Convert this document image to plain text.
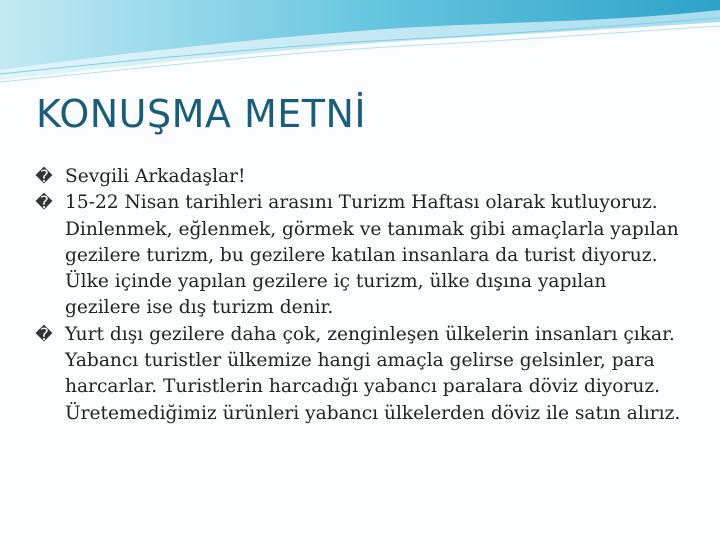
KONUŞMA METNİ
�
Sevgili Arkadaşlar!
�
15-22 Nisan tarihleri arasını Turizm Haftası olarak kutluyoruz. Dinlenmek, eğlenmek, görmek ve tanımak gibi amaçlarla yapılan gezilere turizm, bu gezilere katılan insanlara da turist diyoruz. Ülke içinde yapılan gezilere iç turizm, ülke dışına yapılan gezilere ise dış turizm denir.
�
Yurt dışı gezilere daha çok, zenginleşen ülkelerin insanları çıkar. Yabancı turistler ülkemize hangi amaçla gelirse gelsinler, para harcarlar. Turistlerin harcadığı yabancı paralara döviz diyoruz. Üretemediğimiz ürünleri yabancı ülkelerden döviz ile satın alırız.
